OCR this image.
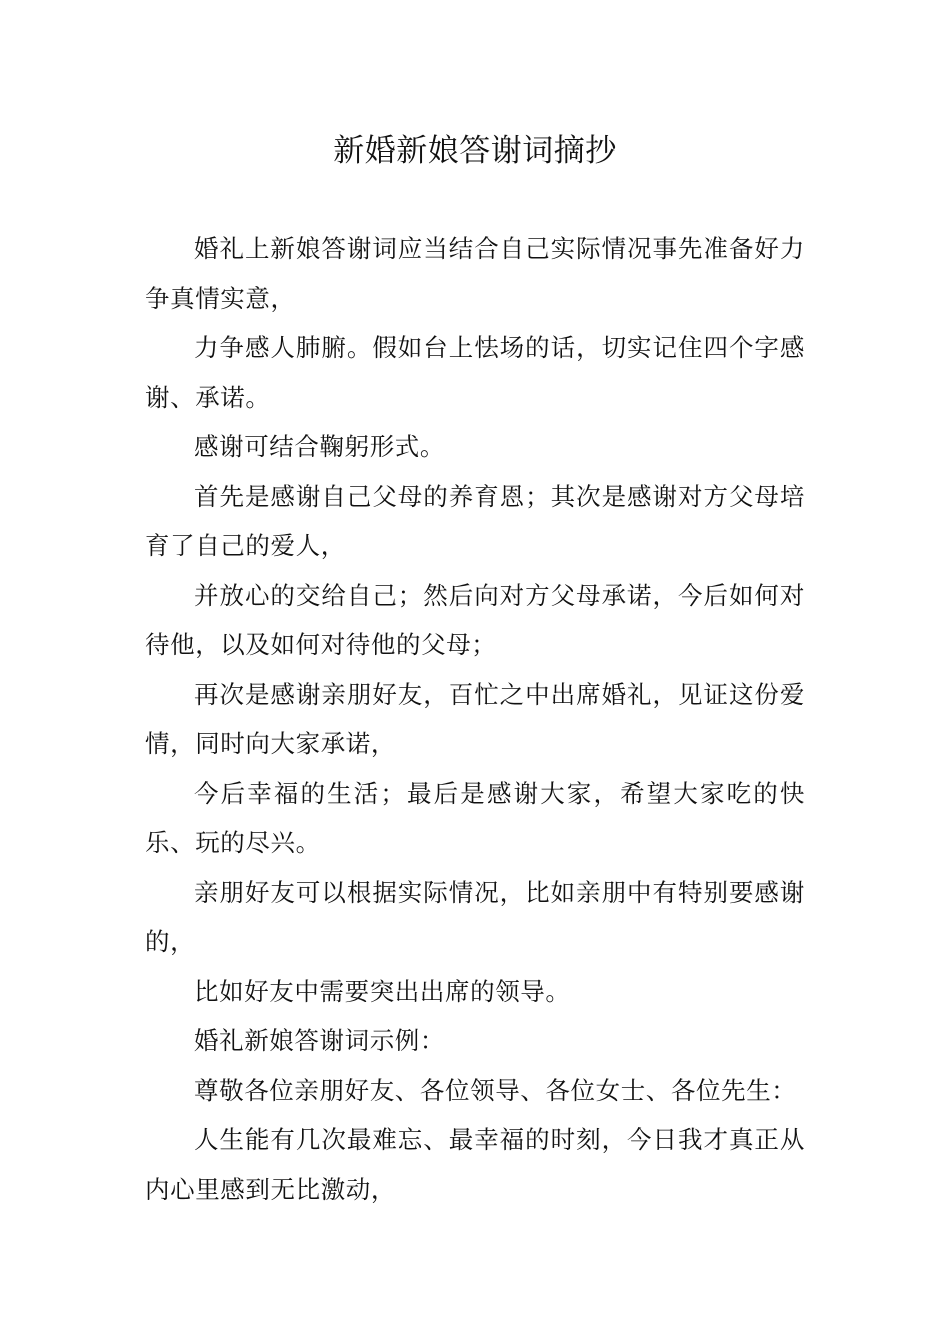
新婚新娘答谢词摘抄

婚礼上新娘答谢词应当结合自己实际情况事先准备好力争真情实意，

力争感人肺腑。假如台上怯场的话，切实记住四个字感谢、承诺。

感谢可结合鞠躬形式。

首先是感谢自己父母的养育恩；其次是感谢对方父母培育了自己的爱人，

并放心的交给自己；然后向对方父母承诺，今后如何对待他，以及如何对待他的父母；

再次是感谢亲朋好友，百忙之中出席婚礼，见证这份爱情，同时向大家承诺，

今后幸福的生活；最后是感谢大家，希望大家吃的快乐、玩的尽兴。

亲朋好友可以根据实际情况，比如亲朋中有特别要感谢的，

比如好友中需要突出出席的领导。

婚礼新娘答谢词示例：

尊敬各位亲朋好友、各位领导、各位女士、各位先生：

人生能有几次最难忘、最幸福的时刻，今日我才真正从内心里感到无比激动，
